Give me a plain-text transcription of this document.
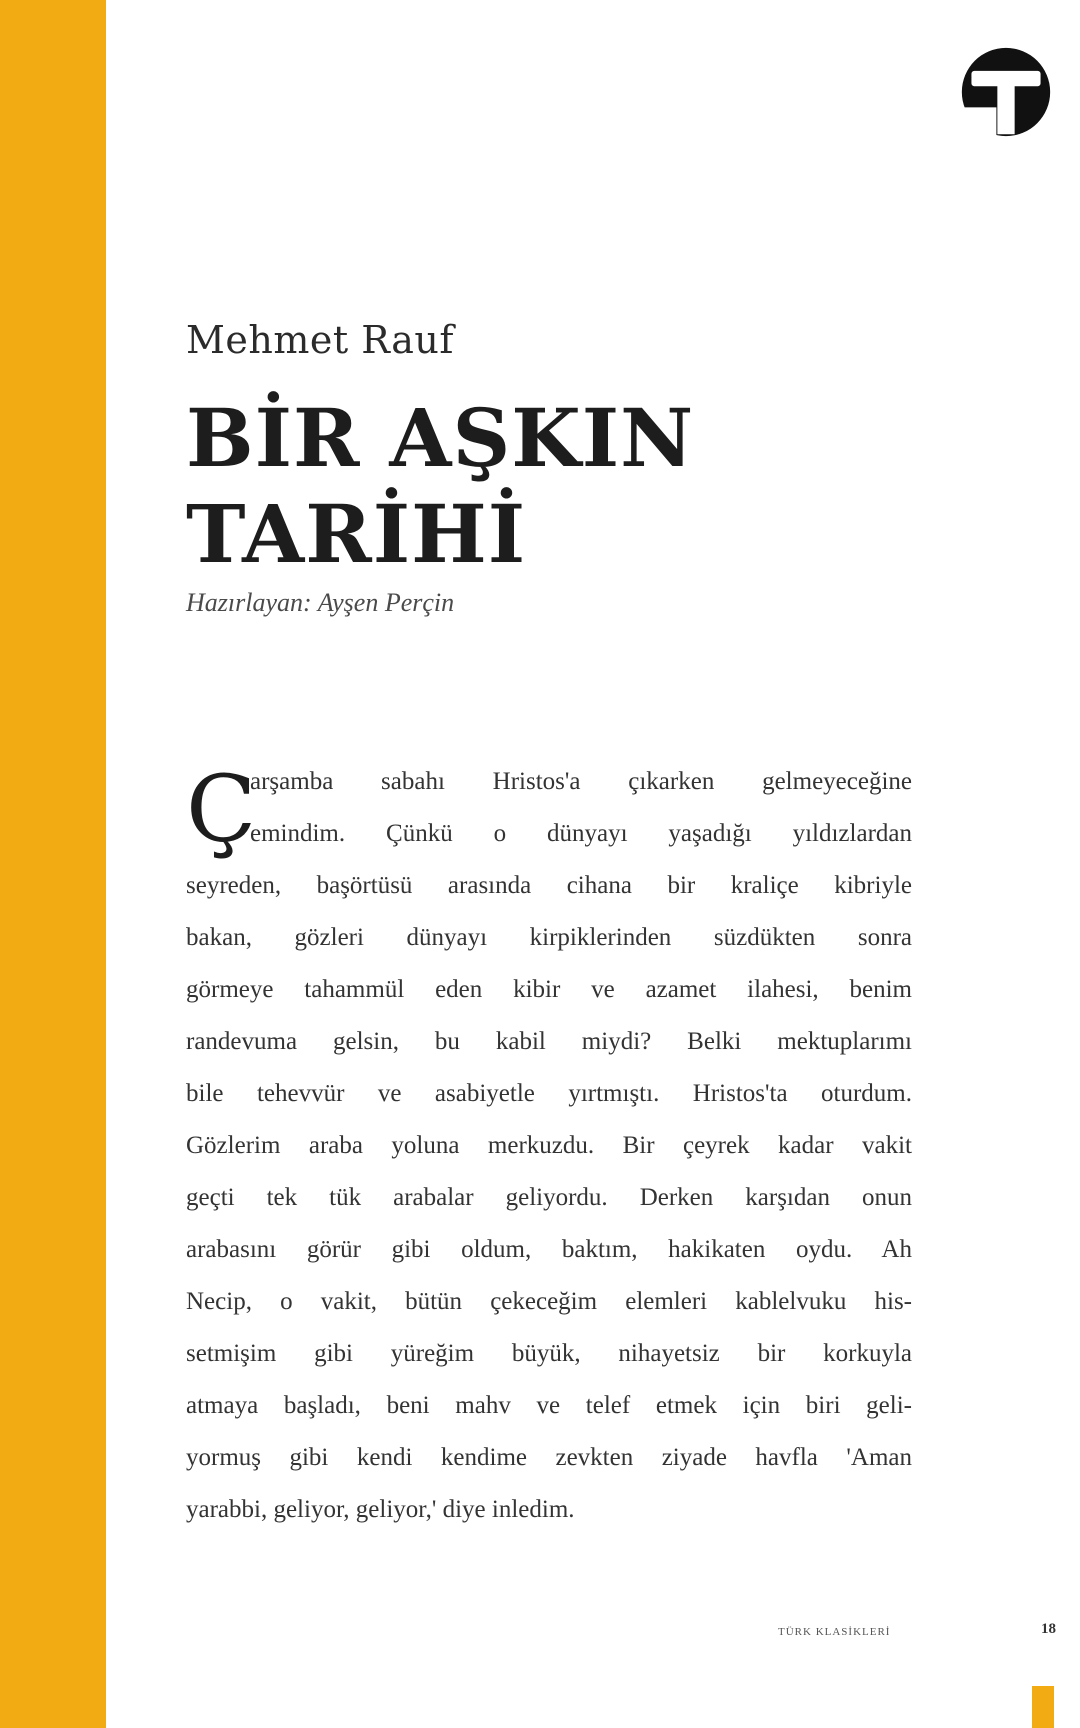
Mehmet Rauf
BİR AŞKIN
TARİHİ
Hazırlayan: Ayşen Perçin
Ç
arşamba sabahı Hristos'a çıkarken gelmeyeceğine
emindim. Çünkü o dünyayı yaşadığı yıldızlardan
seyreden, başörtüsü arasında cihana bir kraliçe kibriyle
bakan, gözleri dünyayı kirpiklerinden süzdükten sonra
görmeye tahammül eden kibir ve azamet ilahesi, benim
randevuma gelsin, bu kabil miydi? Belki mektuplarımı
bile tehevvür ve asabiyetle yırtmıştı. Hristos'ta oturdum.
Gözlerim araba yoluna merkuzdu. Bir çeyrek kadar vakit
geçti tek tük arabalar geliyordu. Derken karşıdan onun
arabasını görür gibi oldum, baktım, hakikaten oydu. Ah
Necip, o vakit, bütün çekeceğim elemleri kablelvuku his-
setmişim gibi yüreğim büyük, nihayetsiz bir korkuyla
atmaya başladı, beni mahv ve telef etmek için biri geli-
yormuş gibi kendi kendime zevkten ziyade havfla 'Aman
yarabbi, geliyor, geliyor,' diye inledim.
TÜRK KLASİKLERİ	18
